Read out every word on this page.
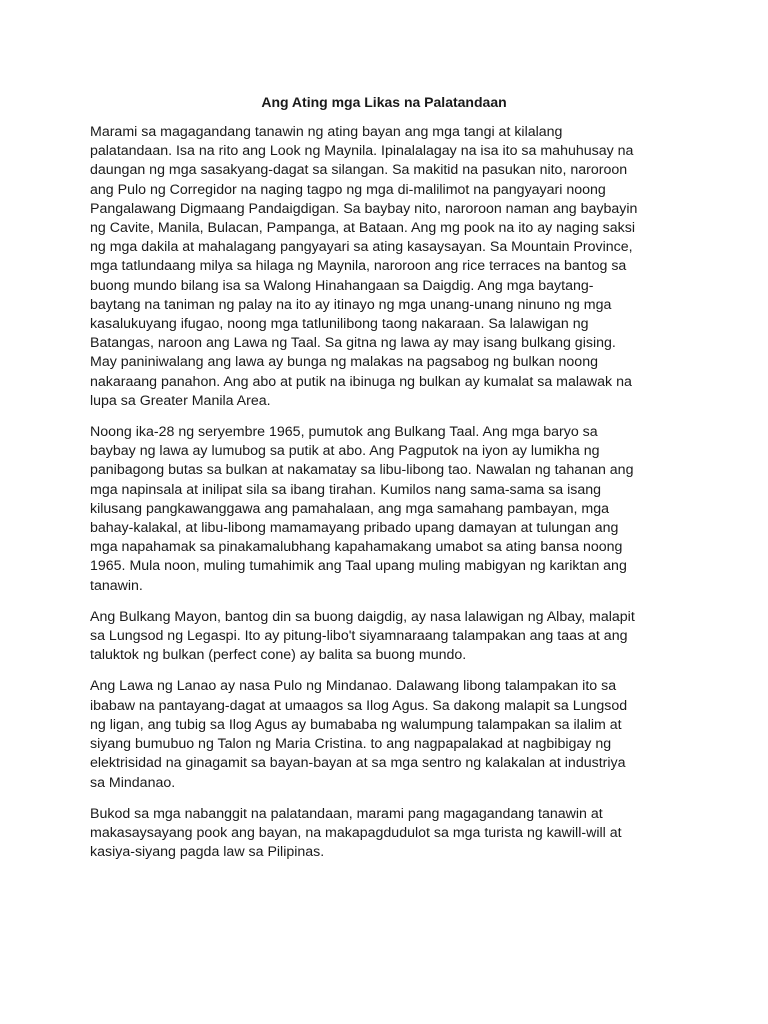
Ang Ating mga Likas na Palatandaan

Marami sa magagandang tanawin ng ating bayan ang mga tangi at kilalang
palatandaan. Isa na rito ang Look ng Maynila. Ipinalalagay na isa ito sa mahuhusay na
daungan ng mga sasakyang-dagat sa silangan. Sa makitid na pasukan nito, naroroon
ang Pulo ng Corregidor na naging tagpo ng mga di-malilimot na pangyayari noong
Pangalawang Digmaang Pandaigdigan. Sa baybay nito, naroroon naman ang baybayin
ng Cavite, Manila, Bulacan, Pampanga, at Bataan. Ang mg pook na ito ay naging saksi
ng mga dakila at mahalagang pangyayari sa ating kasaysayan. Sa Mountain Province,
mga tatlundaang milya sa hilaga ng Maynila, naroroon ang rice terraces na bantog sa
buong mundo bilang isa sa Walong Hinahangaan sa Daigdig. Ang mga baytang-
baytang na taniman ng palay na ito ay itinayo ng mga unang-unang ninuno ng mga
kasalukuyang ifugao, noong mga tatlunilibong taong nakaraan. Sa lalawigan ng
Batangas, naroon ang Lawa ng Taal. Sa gitna ng lawa ay may isang bulkang gising.
May paniniwalang ang lawa ay bunga ng malakas na pagsabog ng bulkan noong
nakaraang panahon. Ang abo at putik na ibinuga ng bulkan ay kumalat sa malawak na
lupa sa Greater Manila Area.

Noong ika-28 ng seryembre 1965, pumutok ang Bulkang Taal. Ang mga baryo sa
baybay ng lawa ay lumubog sa putik at abo. Ang Pagputok na iyon ay lumikha ng
panibagong butas sa bulkan at nakamatay sa libu-libong tao. Nawalan ng tahanan ang
mga napinsala at inilipat sila sa ibang tirahan. Kumilos nang sama-sama sa isang
kilusang pangkawanggawa ang pamahalaan, ang mga samahang pambayan, mga
bahay-kalakal, at libu-libong mamamayang pribado upang damayan at tulungan ang
mga napahamak sa pinakamalubhang kapahamakang umabot sa ating bansa noong
1965. Mula noon, muling tumahimik ang Taal upang muling mabigyan ng kariktan ang
tanawin.

Ang Bulkang Mayon, bantog din sa buong daigdig, ay nasa lalawigan ng Albay, malapit
sa Lungsod ng Legaspi. Ito ay pitung-libo't siyamnaraang talampakan ang taas at ang
taluktok ng bulkan (perfect cone) ay balita sa buong mundo.

Ang Lawa ng Lanao ay nasa Pulo ng Mindanao. Dalawang libong talampakan ito sa
ibabaw na pantayang-dagat at umaagos sa Ilog Agus. Sa dakong malapit sa Lungsod
ng ligan, ang tubig sa Ilog Agus ay bumababa ng walumpung talampakan sa ilalim at
siyang bumubuo ng Talon ng Maria Cristina. to ang nagpapalakad at nagbibigay ng
elektrisidad na ginagamit sa bayan-bayan at sa mga sentro ng kalakalan at industriya
sa Mindanao.

Bukod sa mga nabanggit na palatandaan, marami pang magagandang tanawin at
makasaysayang pook ang bayan, na makapagdudulot sa mga turista ng kawill-will at
kasiya-siyang pagda law sa Pilipinas.
